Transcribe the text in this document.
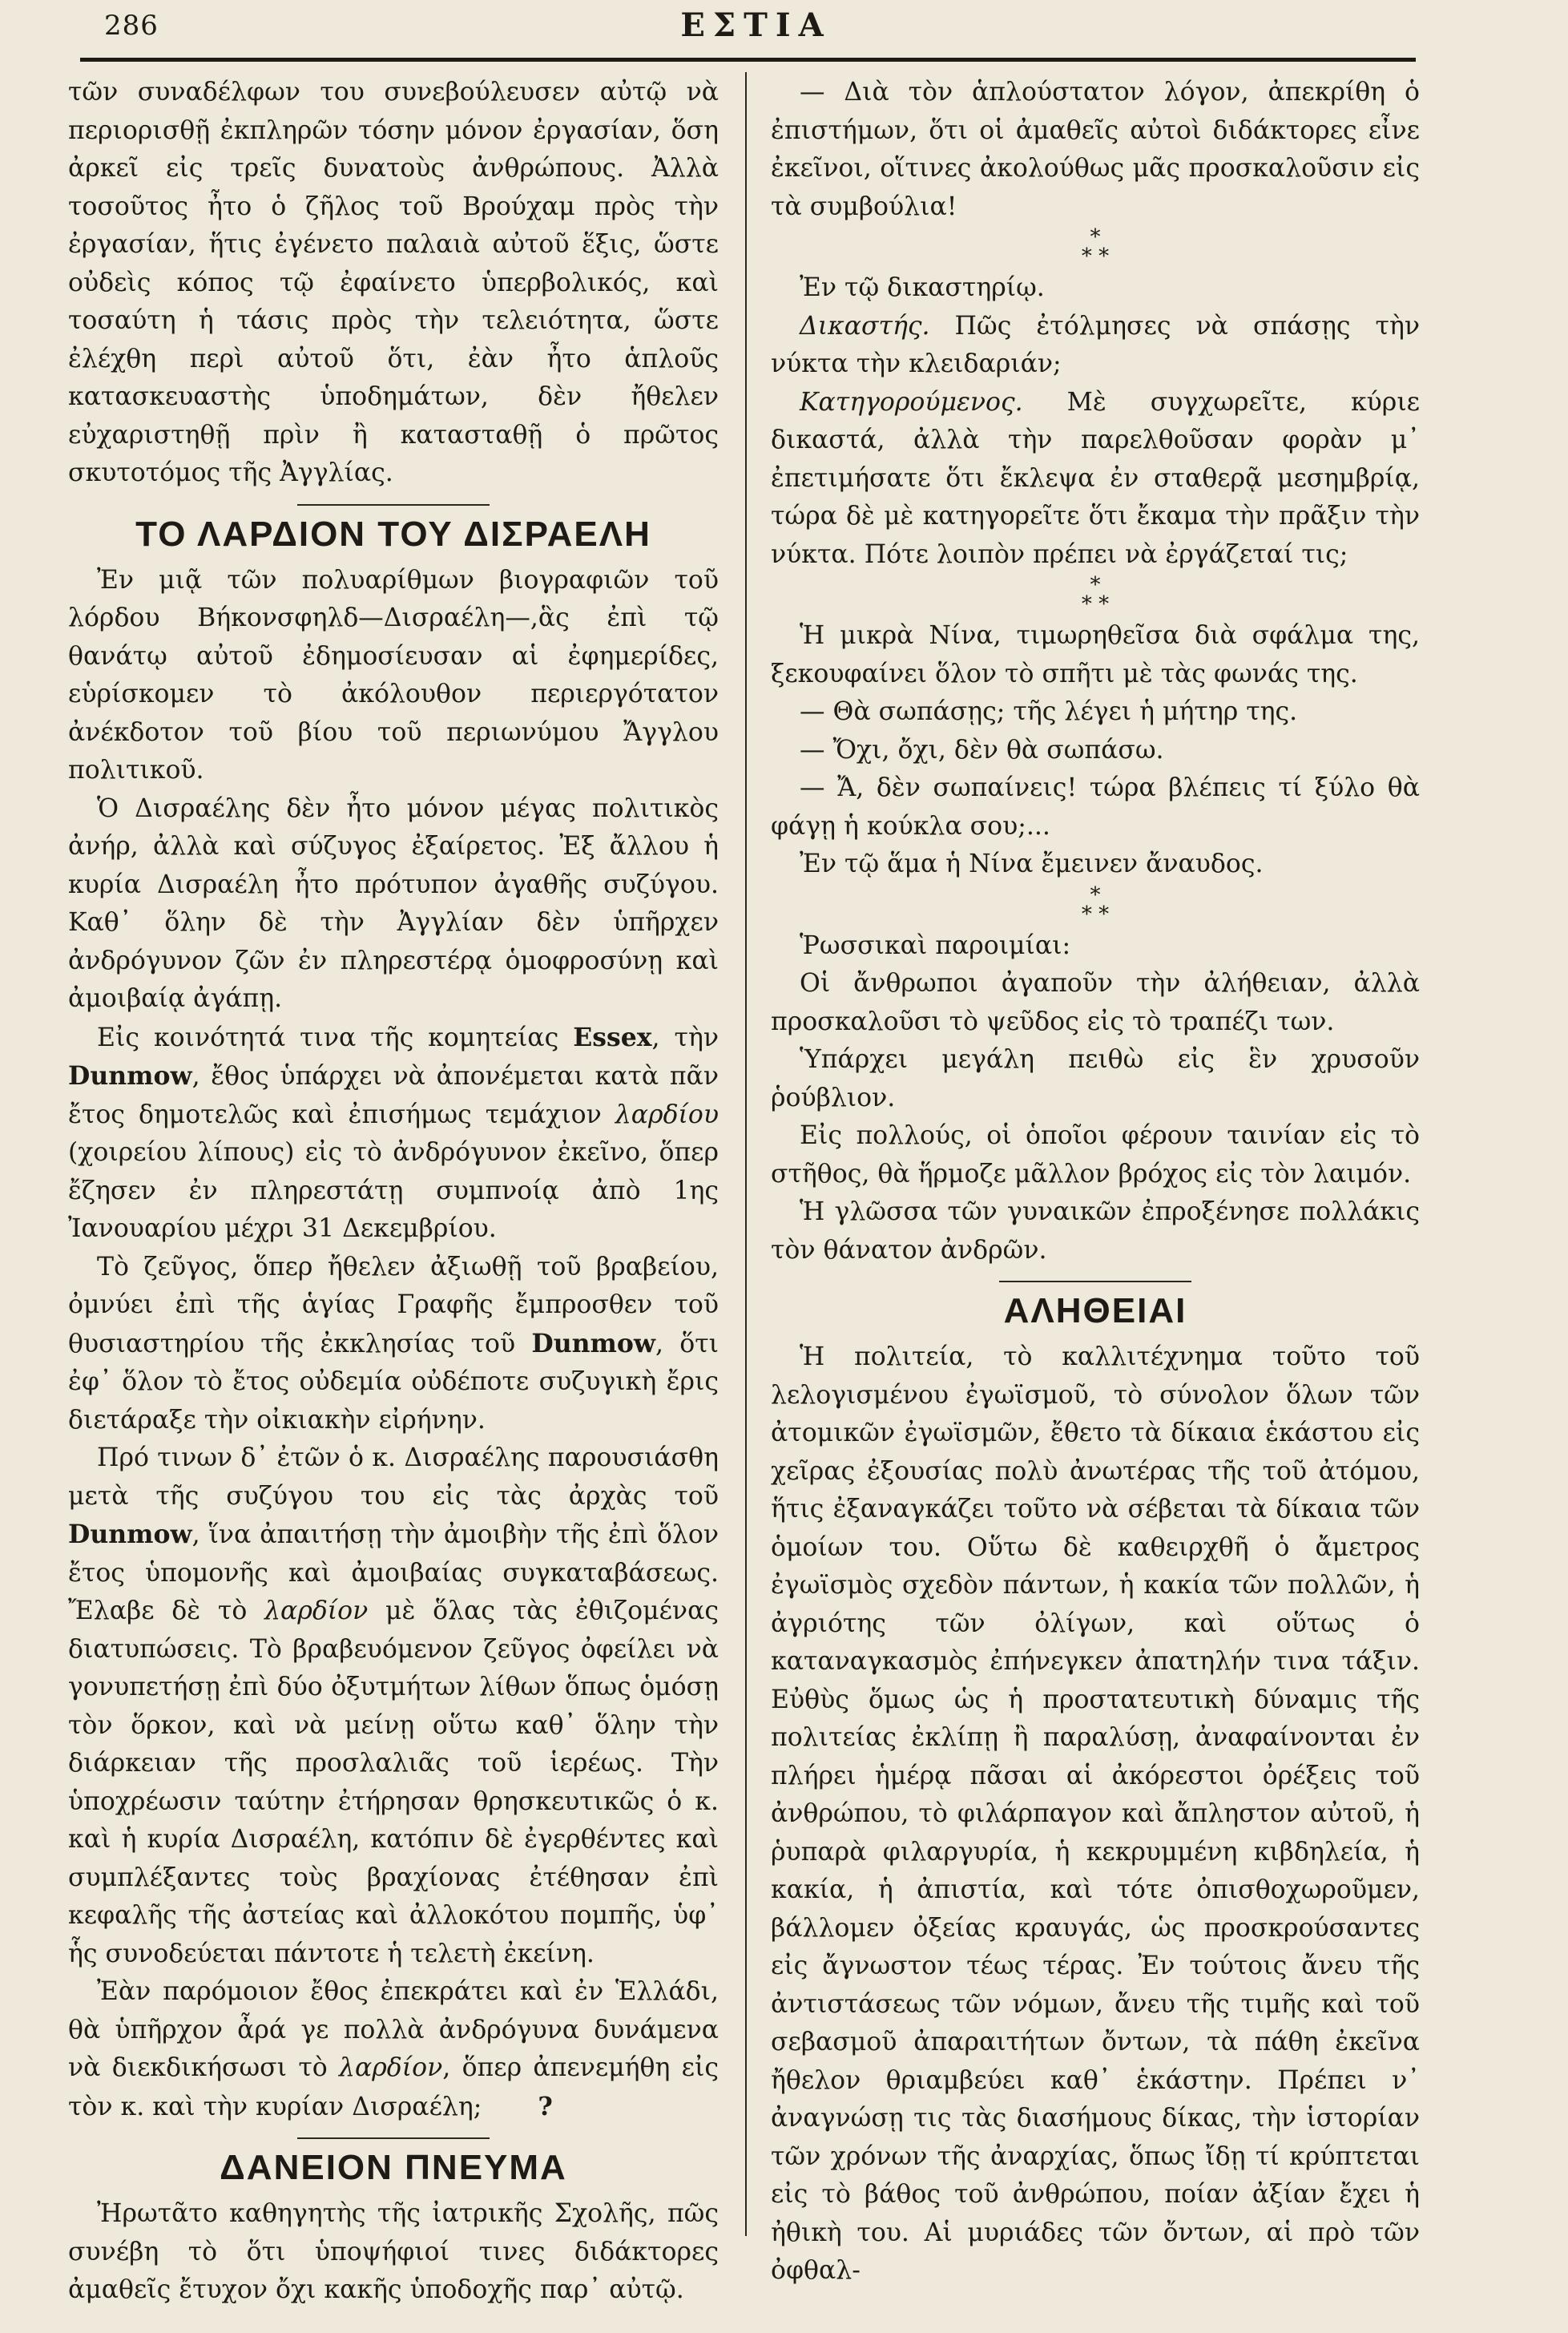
286	ΕΣΤΙΑ

τῶν συναδέλφων του συνεβούλευσεν αὐτῷ νὰ περιορισθῇ ἐκπληρῶν τόσην μόνον ἐργασίαν, ὅση ἀρκεῖ εἰς τρεῖς δυνατοὺς ἀνθρώπους. Ἀλλὰ τοσοῦτος ἦτο ὁ ζῆλος τοῦ Βρούχαμ πρὸς τὴν ἐργασίαν, ἥτις ἐγένετο παλαιὰ αὐτοῦ ἕξις, ὥστε οὐδεὶς κόπος τῷ ἐφαίνετο ὑπερβολικός, καὶ τοσαύτη ἡ τάσις πρὸς τὴν τελειότητα, ὥστε ἐλέχθη περὶ αὐτοῦ ὅτι, ἐὰν ἦτο ἁπλοῦς κατασκευαστὴς ὑποδημάτων, δὲν ἤθελεν εὐχαριστηθῇ πρὶν ἢ κατασταθῇ ὁ πρῶτος σκυτοτόμος τῆς Ἀγγλίας.

ΤΟ ΛΑΡΔΙΟΝ ΤΟΥ ΔΙΣΡΑΕΛΗ

Ἐν μιᾷ τῶν πολυαρίθμων βιογραφιῶν τοῦ λόρδου Βήκονσφηλδ—Δισραέλη—,ἃς ἐπὶ τῷ θανάτῳ αὐτοῦ ἐδημοσίευσαν αἱ ἐφημερίδες, εὑρίσκομεν τὸ ἀκόλουθον περιεργότατον ἀνέκδοτον τοῦ βίου τοῦ περιωνύμου Ἄγγλου πολιτικοῦ.

Ὁ Δισραέλης δὲν ἦτο μόνον μέγας πολιτικὸς ἀνήρ, ἀλλὰ καὶ σύζυγος ἐξαίρετος. Ἐξ ἄλλου ἡ κυρία Δισραέλη ἦτο πρότυπον ἀγαθῆς συζύγου. Καθ᾽ ὅλην δὲ τὴν Ἀγγλίαν δὲν ὑπῆρχεν ἀνδρόγυνον ζῶν ἐν πληρεστέρᾳ ὁμοφροσύνῃ καὶ ἀμοιβαίᾳ ἀγάπῃ.

Εἰς κοινότητά τινα τῆς κομητείας Essex, τὴν Dunmow, ἔθος ὑπάρχει νὰ ἀπονέμεται κατὰ πᾶν ἔτος δημοτελῶς καὶ ἐπισήμως τεμάχιον λαρδίου (χοιρείου λίπους) εἰς τὸ ἀνδρόγυνον ἐκεῖνο, ὅπερ ἔζησεν ἐν πληρεστάτῃ συμπνοίᾳ ἀπὸ 1ης Ἰανουαρίου μέχρι 31 Δεκεμβρίου.

Τὸ ζεῦγος, ὅπερ ἤθελεν ἀξιωθῇ τοῦ βραβείου, ὀμνύει ἐπὶ τῆς ἁγίας Γραφῆς ἔμπροσθεν τοῦ θυσιαστηρίου τῆς ἐκκλησίας τοῦ Dunmow, ὅτι ἐφ᾽ ὅλον τὸ ἔτος οὐδεμία οὐδέποτε συζυγικὴ ἔρις διετάραξε τὴν οἰκιακὴν εἰρήνην.

Πρό τινων δ᾽ ἐτῶν ὁ κ. Δισραέλης παρουσιάσθη μετὰ τῆς συζύγου του εἰς τὰς ἀρχὰς τοῦ Dunmow, ἵνα ἀπαιτήσῃ τὴν ἀμοιβὴν τῆς ἐπὶ ὅλον ἔτος ὑπομονῆς καὶ ἀμοιβαίας συγκαταβάσεως. Ἔλαβε δὲ τὸ λαρδίον μὲ ὅλας τὰς ἐθιζομένας διατυπώσεις. Τὸ βραβευόμενον ζεῦγος ὀφείλει νὰ γονυπετήσῃ ἐπὶ δύο ὀξυτμήτων λίθων ὅπως ὁμόσῃ τὸν ὅρκον, καὶ νὰ μείνῃ οὕτω καθ᾽ ὅλην τὴν διάρκειαν τῆς προσλαλιᾶς τοῦ ἱερέως. Τὴν ὑποχρέωσιν ταύτην ἐτήρησαν θρησκευτικῶς ὁ κ. καὶ ἡ κυρία Δισραέλη, κατόπιν δὲ ἐγερθέντες καὶ συμπλέξαντες τοὺς βραχίονας ἐτέθησαν ἐπὶ κεφαλῆς τῆς ἀστείας καὶ ἀλλοκότου πομπῆς, ὑφ᾽ ἧς συνοδεύεται πάντοτε ἡ τελετὴ ἐκείνη.

Ἐὰν παρόμοιον ἔθος ἐπεκράτει καὶ ἐν Ἑλλάδι, θὰ ὑπῆρχον ἆρά γε πολλὰ ἀνδρόγυνα δυνάμενα νὰ διεκδικήσωσι τὸ λαρδίον, ὅπερ ἀπενεμήθη εἰς τὸν κ. καὶ τὴν κυρίαν Δισραέλη; ?

ΔΑΝΕΙΟΝ ΠΝΕΥΜΑ

Ἠρωτᾶτο καθηγητὴς τῆς ἰατρικῆς Σχολῆς, πῶς συνέβη τὸ ὅτι ὑποψήφιοί τινες διδάκτορες ἀμαθεῖς ἔτυχον ὄχι κακῆς ὑποδοχῆς παρ᾽ αὐτῷ.

— Διὰ τὸν ἁπλούστατον λόγον, ἀπεκρίθη ὁ ἐπιστήμων, ὅτι οἱ ἀμαθεῖς αὐτοὶ διδάκτορες εἶνε ἐκεῖνοι, οἵτινες ἀκολούθως μᾶς προσκαλοῦσιν εἰς τὰ συμβούλια!

*
* *

Ἐν τῷ δικαστηρίῳ.

Δικαστής. Πῶς ἐτόλμησες νὰ σπάσῃς τὴν νύκτα τὴν κλειδαριάν;

Κατηγορούμενος. Μὲ συγχωρεῖτε, κύριε δικαστά, ἀλλὰ τὴν παρελθοῦσαν φορὰν μ᾽ ἐπετιμήσατε ὅτι ἔκλεψα ἐν σταθερᾷ μεσημβρίᾳ, τώρα δὲ μὲ κατηγορεῖτε ὅτι ἔκαμα τὴν πρᾶξιν τὴν νύκτα. Πότε λοιπὸν πρέπει νὰ ἐργάζεταί τις;

*
* *

Ἡ μικρὰ Νίνα, τιμωρηθεῖσα διὰ σφάλμα της, ξεκουφαίνει ὅλον τὸ σπῆτι μὲ τὰς φωνάς της.

— Θὰ σωπάσῃς; τῆς λέγει ἡ μήτηρ της.

— Ὄχι, ὄχι, δὲν θὰ σωπάσω.

— Ἄ, δὲν σωπαίνεις! τώρα βλέπεις τί ξύλο θὰ φάγῃ ἡ κούκλα σου;...

Ἐν τῷ ἅμα ἡ Νίνα ἔμεινεν ἄναυδος.

*
* *

Ῥωσσικαὶ παροιμίαι:

Οἱ ἄνθρωποι ἀγαποῦν τὴν ἀλήθειαν, ἀλλὰ προσκαλοῦσι τὸ ψεῦδος εἰς τὸ τραπέζι των.

Ὑπάρχει μεγάλη πειθὼ εἰς ἓν χρυσοῦν ῥούβλιον.

Εἰς πολλούς, οἱ ὁποῖοι φέρουν ταινίαν εἰς τὸ στῆθος, θὰ ἥρμοζε μᾶλλον βρόχος εἰς τὸν λαιμόν.

Ἡ γλῶσσα τῶν γυναικῶν ἐπροξένησε πολλάκις τὸν θάνατον ἀνδρῶν.

ΑΛΗΘΕΙΑΙ

Ἡ πολιτεία, τὸ καλλιτέχνημα τοῦτο τοῦ λελογισμένου ἐγωϊσμοῦ, τὸ σύνολον ὅλων τῶν ἀτομικῶν ἐγωϊσμῶν, ἔθετο τὰ δίκαια ἑκάστου εἰς χεῖρας ἐξουσίας πολὺ ἀνωτέρας τῆς τοῦ ἀτόμου, ἥτις ἐξαναγκάζει τοῦτο νὰ σέβεται τὰ δίκαια τῶν ὁμοίων του. Οὕτω δὲ καθειρχθῆ ὁ ἄμετρος ἐγωϊσμὸς σχεδὸν πάντων, ἡ κακία τῶν πολλῶν, ἡ ἀγριότης τῶν ὀλίγων, καὶ οὕτως ὁ καταναγκασμὸς ἐπήνεγκεν ἀπατηλήν τινα τάξιν. Εὐθὺς ὅμως ὡς ἡ προστατευτικὴ δύναμις τῆς πολιτείας ἐκλίπῃ ἢ παραλύσῃ, ἀναφαίνονται ἐν πλήρει ἡμέρᾳ πᾶσαι αἱ ἀκόρεστοι ὀρέξεις τοῦ ἀνθρώπου, τὸ φιλάρπαγον καὶ ἄπληστον αὐτοῦ, ἡ ῥυπαρὰ φιλαργυρία, ἡ κεκρυμμένη κιβδηλεία, ἡ κακία, ἡ ἀπιστία, καὶ τότε ὀπισθοχωροῦμεν, βάλλομεν ὀξείας κραυγάς, ὡς προσκρούσαντες εἰς ἄγνωστον τέως τέρας. Ἐν τούτοις ἄνευ τῆς ἀντιστάσεως τῶν νόμων, ἄνευ τῆς τιμῆς καὶ τοῦ σεβασμοῦ ἀπαραιτήτων ὄντων, τὰ πάθη ἐκεῖνα ἤθελον θριαμβεύει καθ᾽ ἑκάστην. Πρέπει ν᾽ ἀναγνώσῃ τις τὰς διασήμους δίκας, τὴν ἱστορίαν τῶν χρόνων τῆς ἀναρχίας, ὅπως ἴδῃ τί κρύπτεται εἰς τὸ βάθος τοῦ ἀνθρώπου, ποίαν ἀξίαν ἔχει ἡ ἠθικὴ του. Αἱ μυριάδες τῶν ὄντων, αἱ πρὸ τῶν ὀφθαλ-
